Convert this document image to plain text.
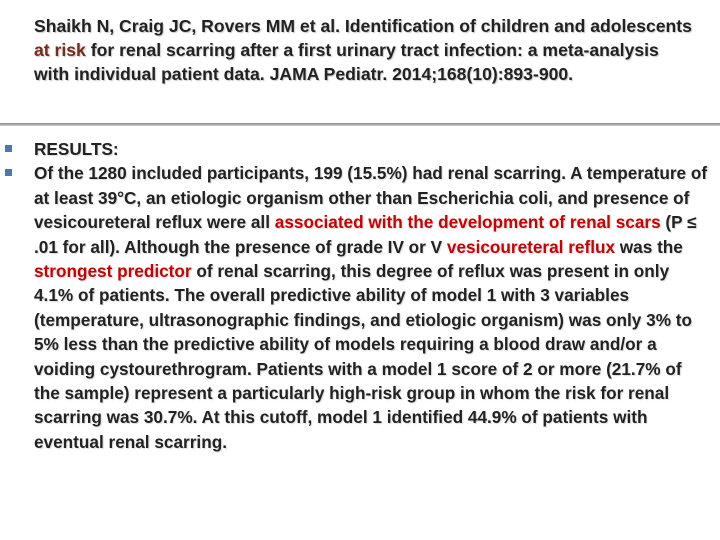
Shaikh N, Craig JC, Rovers MM et al. Identification of children and adolescents at risk for renal scarring after a first urinary tract infection: a meta-analysis with individual patient data. JAMA Pediatr. 2014;168(10):893-900.
RESULTS:
Of the 1280 included participants, 199 (15.5%) had renal scarring. A temperature of at least 39°C, an etiologic organism other than Escherichia coli, and presence of vesicoureteral reflux were all associated with the development of renal scars (P ≤ .01 for all). Although the presence of grade IV or V vesicoureteral reflux was the strongest predictor of renal scarring, this degree of reflux was present in only 4.1% of patients. The overall predictive ability of model 1 with 3 variables (temperature, ultrasonographic findings, and etiologic organism) was only 3% to 5% less than the predictive ability of models requiring a blood draw and/or a voiding cystourethrogram. Patients with a model 1 score of 2 or more (21.7% of the sample) represent a particularly high-risk group in whom the risk for renal scarring was 30.7%. At this cutoff, model 1 identified 44.9% of patients with eventual renal scarring.
